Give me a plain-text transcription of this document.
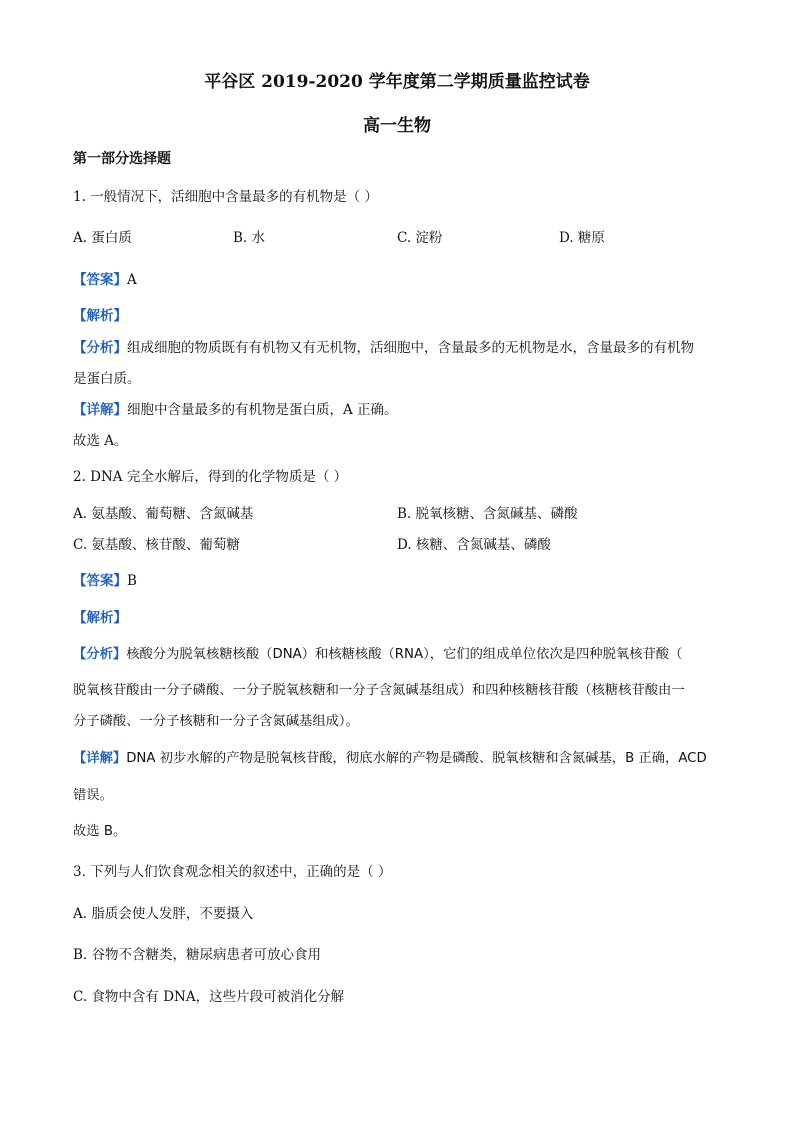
平谷区 2019-2020 学年度第二学期质量监控试卷
高一生物
第一部分选择题
1. 一般情况下，活细胞中含量最多的有机物是（ ）
A. 蛋白质	B. 水	C. 淀粉	D. 糖原
【答案】A
【解析】
【分析】组成细胞的物质既有有机物又有无机物，活细胞中，含量最多的无机物是水，含量最多的有机物
是蛋白质。
【详解】细胞中含量最多的有机物是蛋白质，A 正确。
故选 A。
2. DNA 完全水解后，得到的化学物质是（ ）
A. 氨基酸、葡萄糖、含氮碱基	B. 脱氧核糖、含氮碱基、磷酸
C. 氨基酸、核苷酸、葡萄糖	D. 核糖、含氮碱基、磷酸
【答案】B
【解析】
【分析】核酸分为脱氧核糖核酸（DNA）和核糖核酸（RNA），它们的组成单位依次是四种脱氧核苷酸（
脱氧核苷酸由一分子磷酸、一分子脱氧核糖和一分子含氮碱基组成）和四种核糖核苷酸（核糖核苷酸由一
分子磷酸、一分子核糖和一分子含氮碱基组成）。
【详解】DNA 初步水解的产物是脱氧核苷酸，彻底水解的产物是磷酸、脱氧核糖和含氮碱基，B 正确，ACD
错误。
故选 B。
3. 下列与人们饮食观念相关的叙述中，正确的是（ ）
A. 脂质会使人发胖，不要摄入
B. 谷物不含糖类，糖尿病患者可放心食用
C. 食物中含有 DNA，这些片段可被消化分解
